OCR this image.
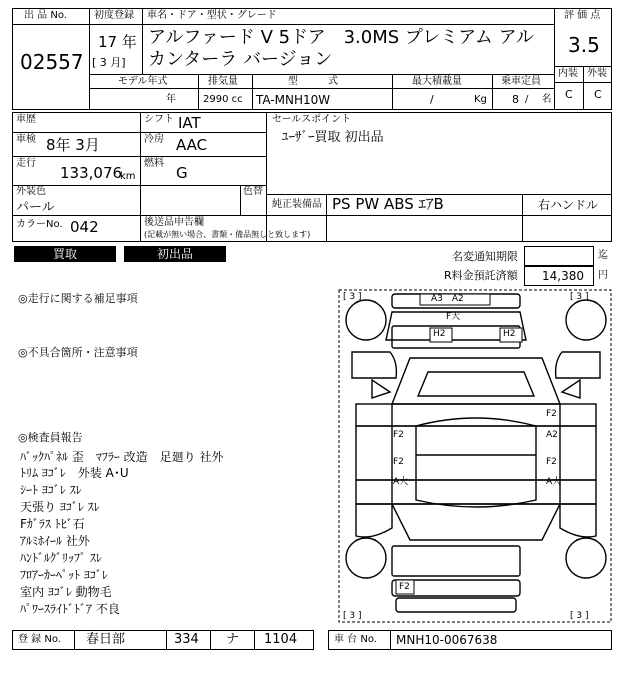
出 品 No.
02557
初度登録
17 年
[ 3 月]
車名・ドア・型状・グレード
アルファード V 5ドア　3.0MS プレミアム アルカンターラ バージョン
評 価 点
3.5
内装 外装
C C
モデル年式
年
排気量
2990 cc
型　　　式
TA-MNH10W
最大積載量
/	Kg
乗車定員
8 / 　名
車歴	シフト IAT
車検 8年 3月	冷房 AAC
走行
133,076
km
燃料
G
セールスポイント
ﾕｰｻﾞｰ買取 初出品
外装色
パール
色替
純正装備品 PS PW ABS ｴｱB	右ハンドル
カラーNo. 042	後送品申告欄
(記載が無い場合、書類・備品無しと致します)
買取	初出品	名変通知期限	迄
R料金預託済額 14,380 円
◎走行に関する補足事項
◎不具合箇所・注意事項
◎検査員報告
ﾊﾞｯｸﾊﾟﾈﾙ 歪　ﾏﾌﾗｰ 改造　足廻り 社外
ﾄﾘﾑ ﾖｺﾞﾚ　外装 A･U
ｼｰﾄ ﾖｺﾞﾚ ｽﾚ
天張り ﾖｺﾞﾚ ｽﾚ
Fｶﾞﾗｽ ﾄﾋﾞ石
ｱﾙﾐﾎｲｰﾙ 社外
ﾊﾝﾄﾞﾙｸﾞﾘｯﾌﾟ ｽﾚ
ﾌﾛｱｰｶｰﾍﾟｯﾄ ﾖｺﾞﾚ
室内 ﾖｺﾞﾚ 動物毛
ﾊﾟﾜｰｽﾗｲﾄﾞﾄﾞｱ 不良
[ 3 ]	[ 3 ]
[ 3 ]	[ 3 ]
A3　A2
F大
H2	H2
F2
F2
A大
F2
A2
F2
A大
F2
登 録 No. 春日部	334 ナ 1104	車 台 No. MNH10-0067638
